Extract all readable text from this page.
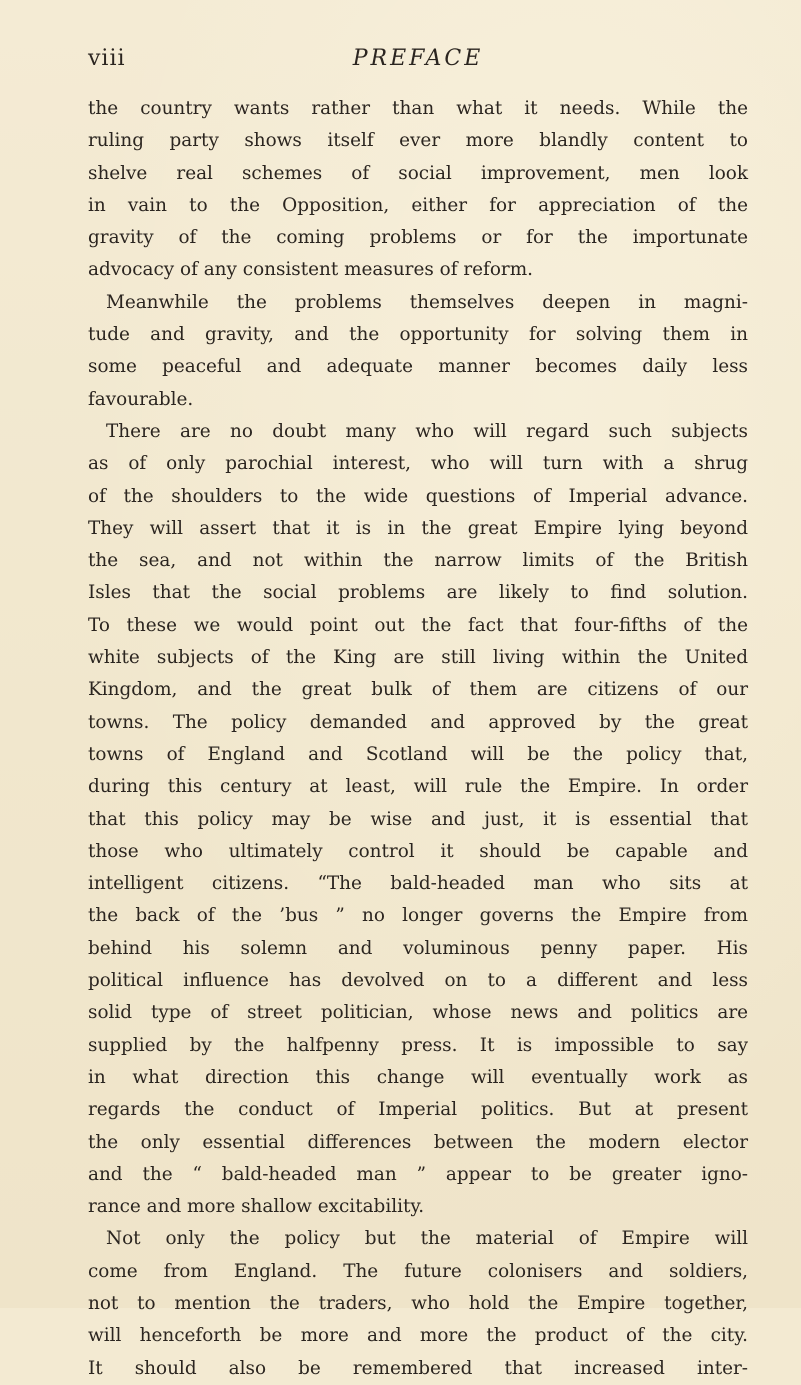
viii	PREFACE
the country wants rather than what it needs. While the
ruling party shows itself ever more blandly content to
shelve real schemes of social improvement, men look
in vain to the Opposition, either for appreciation of the
gravity of the coming problems or for the importunate
advocacy of any consistent measures of reform.
Meanwhile the problems themselves deepen in magni-
tude and gravity, and the opportunity for solving them in
some peaceful and adequate manner becomes daily less
favourable.
There are no doubt many who will regard such subjects
as of only parochial interest, who will turn with a shrug
of the shoulders to the wide questions of Imperial advance.
They will assert that it is in the great Empire lying beyond
the sea, and not within the narrow limits of the British
Isles that the social problems are likely to find solution.
To these we would point out the fact that four-fifths of the
white subjects of the King are still living within the United
Kingdom, and the great bulk of them are citizens of our
towns. The policy demanded and approved by the great
towns of England and Scotland will be the policy that,
during this century at least, will rule the Empire. In order
that this policy may be wise and just, it is essential that
those who ultimately control it should be capable and
intelligent citizens. “The bald-headed man who sits at
the back of the ’bus ” no longer governs the Empire from
behind his solemn and voluminous penny paper. His
political influence has devolved on to a different and less
solid type of street politician, whose news and politics are
supplied by the halfpenny press. It is impossible to say
in what direction this change will eventually work as
regards the conduct of Imperial politics. But at present
the only essential differences between the modern elector
and the “ bald-headed man ” appear to be greater igno-
rance and more shallow excitability.
Not only the policy but the material of Empire will
come from England. The future colonisers and soldiers,
not to mention the traders, who hold the Empire together,
will henceforth be more and more the product of the city.
It should also be remembered that increased inter-
